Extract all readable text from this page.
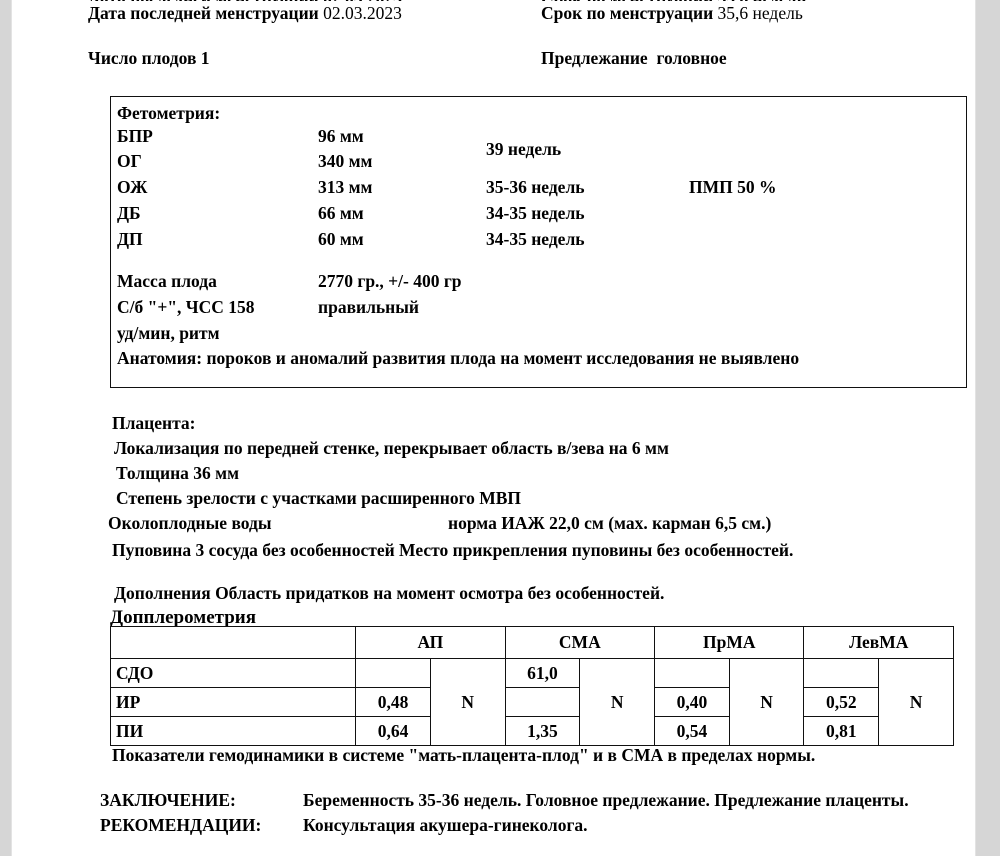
Дата последней менструации 02.03.2023	Срок по менструации 35,6 недель
Число плодов 1	Предлежание головное
Фетометрия:
БПР	96 мм
39 недель
ОГ	340 мм
ОЖ	313 мм	35-36 недель	ПМП 50 %
ДБ	66 мм	34-35 недель
ДП	60 мм	34-35 недель
Масса плода	2770 гр., +/- 400 гр
С/б "+", ЧСС 158	правильный
уд/мин, ритм
Анатомия: пороков и аномалий развития плода на момент исследования не выявлено
Плацента:
Локализация по передней стенке, перекрывает область в/зева на 6 мм
Толщина 36 мм
Степень зрелости с участками расширенного МВП
Околоплодные воды	норма ИАЖ 22,0 см (мах. карман 6,5 см.)
Пуповина 3 сосуда без особенностей Место прикрепления пуповины без особенностей.
Дополнения Область придатков на момент осмотра без особенностей.
Допплерометрия
	АП		СМА		ПрМА		ЛевМА	
СДО		N	61,0	N		N		N
ИР	0,48				0,40		0,52	
ПИ	0,64		1,35		0,54		0,81	
Показатели гемодинамики в системе "мать-плацента-плод" и в СМА в пределах нормы.
ЗАКЛЮЧЕНИЕ:	Беременность 35-36 недель. Головное предлежание. Предлежание плаценты.
РЕКОМЕНДАЦИИ: Консультация акушера-гинеколога.
